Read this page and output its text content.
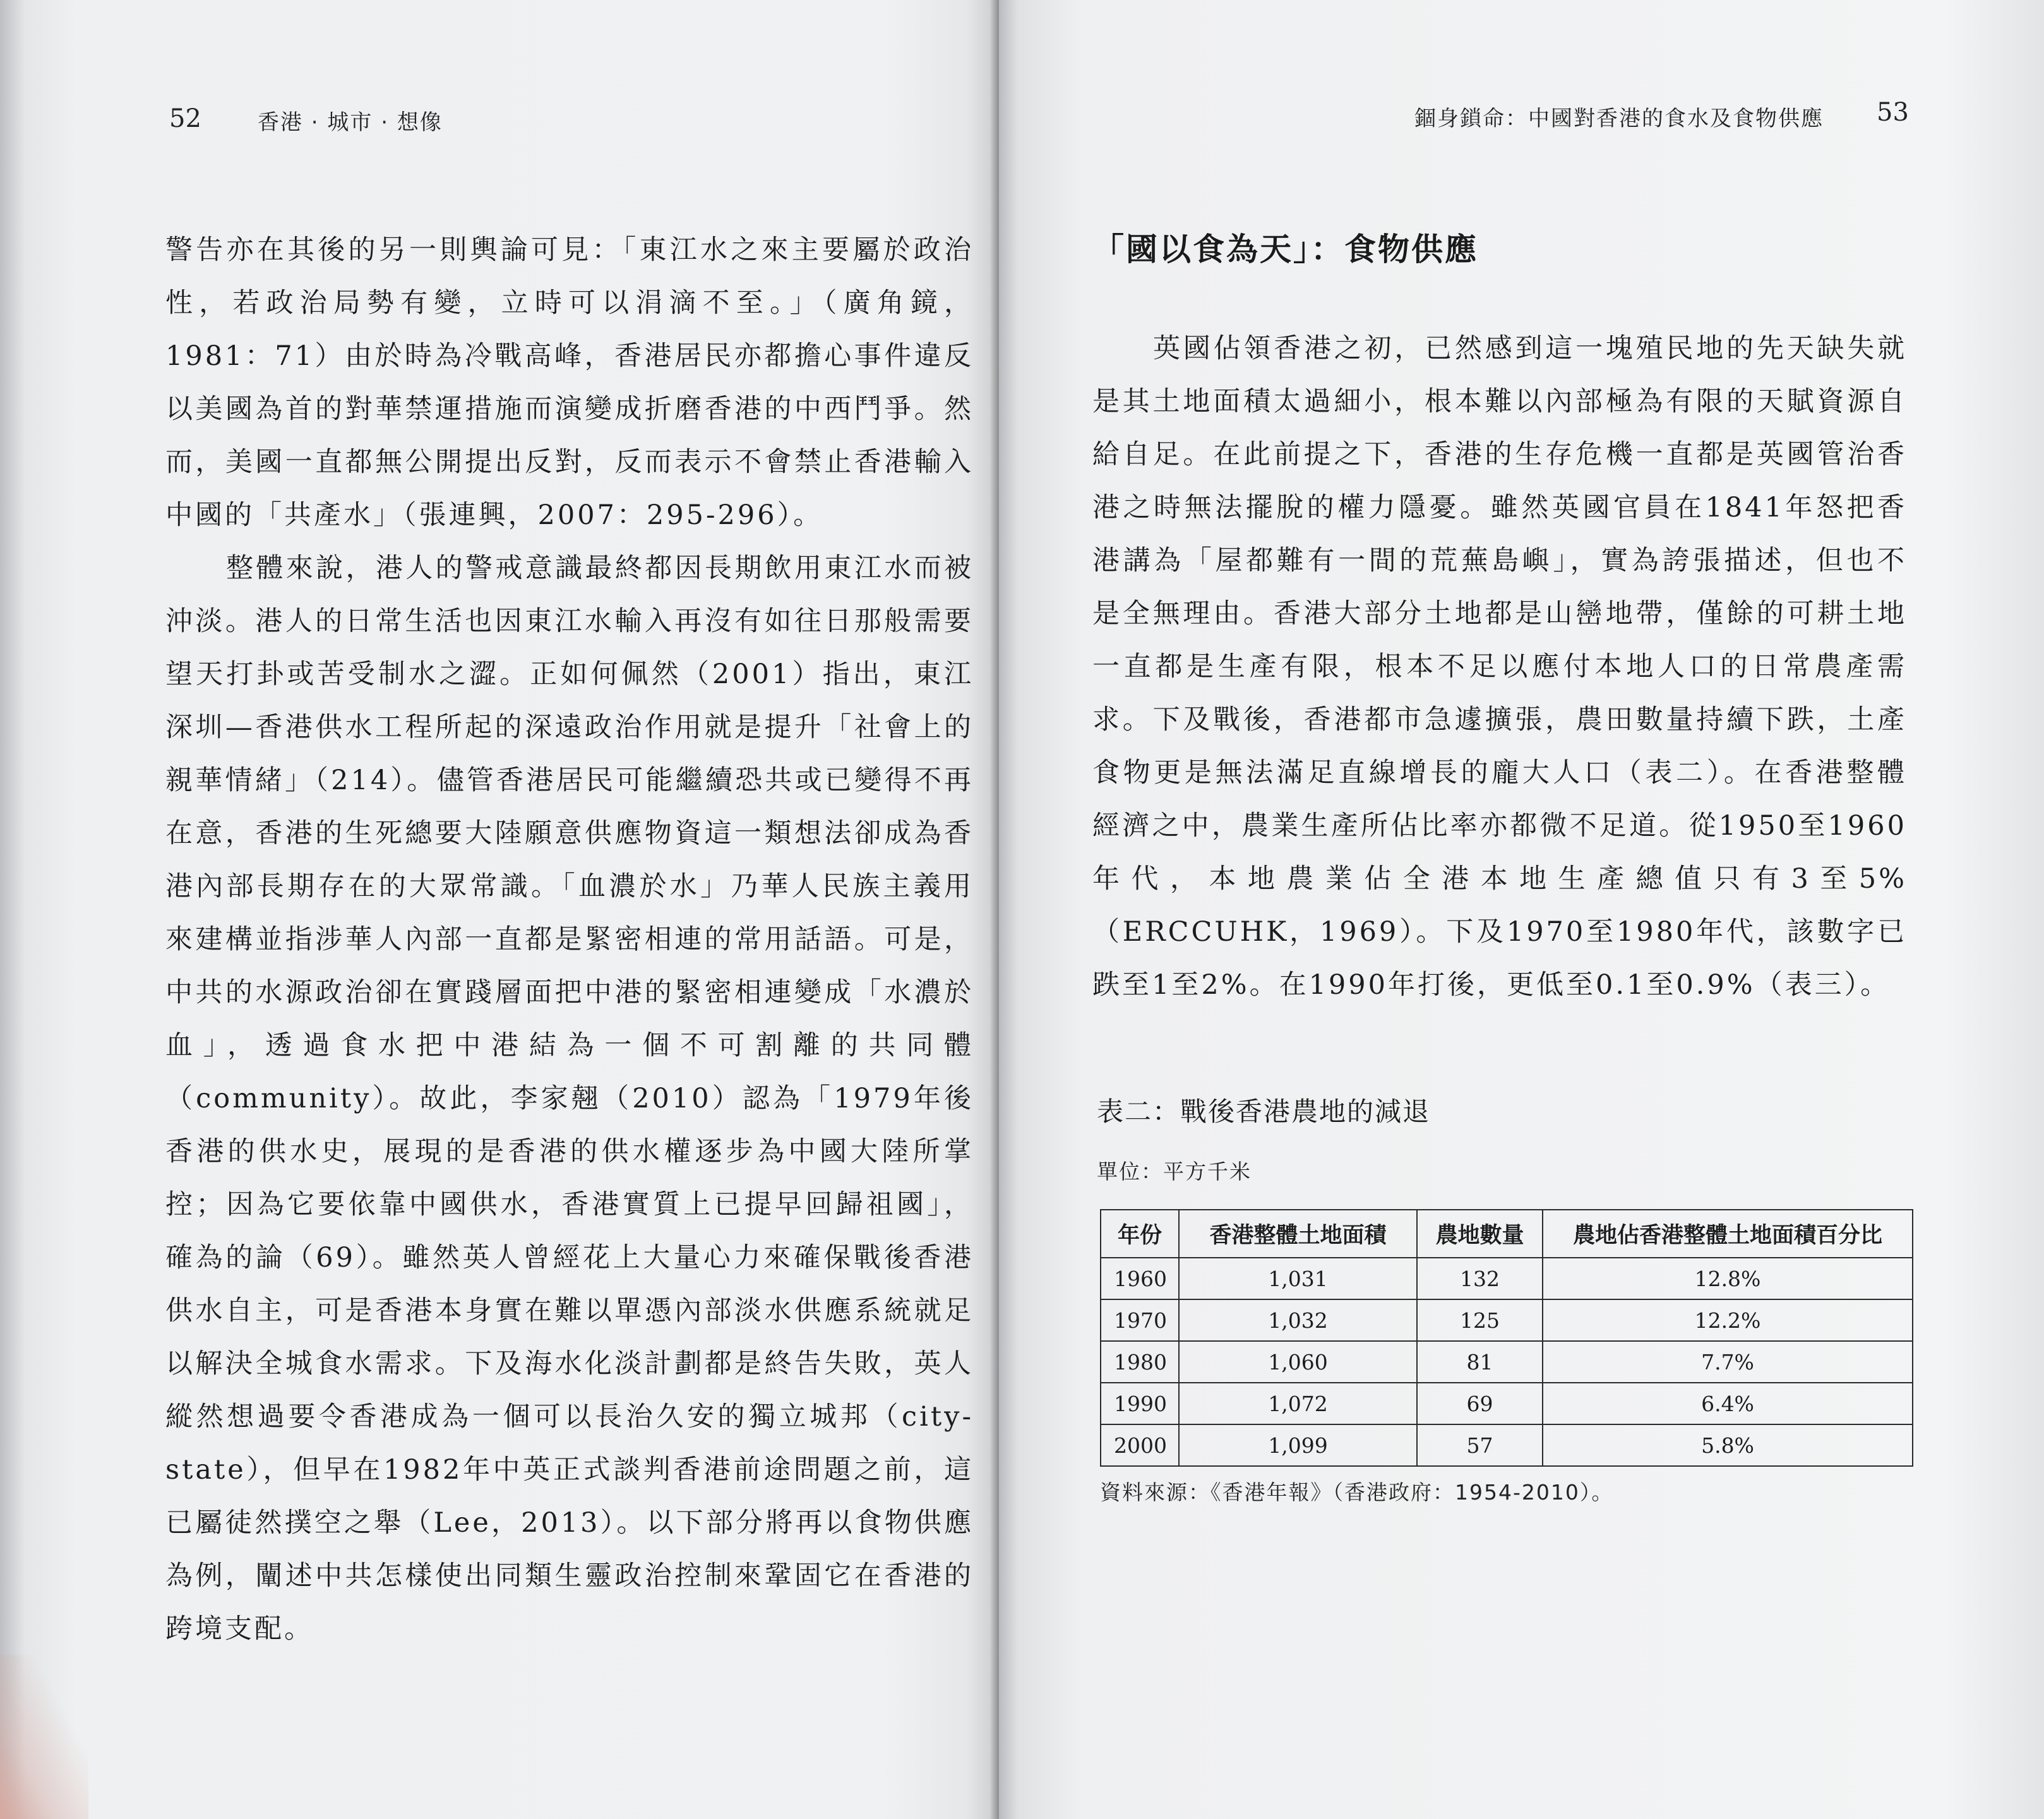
52	香港 · 城市 · 想像

警告亦在其後的另一則輿論可見：「東江水之來主要屬於政治性，若政治局勢有變，立時可以涓滴不至。」（廣角鏡，1981：71）由於時為冷戰高峰，香港居民亦都擔心事件違反以美國為首的對華禁運措施而演變成折磨香港的中西鬥爭。然而，美國一直都無公開提出反對，反而表示不會禁止香港輸入中國的「共產水」（張連興，2007：295-296）。

整體來說，港人的警戒意識最終都因長期飲用東江水而被沖淡。港人的日常生活也因東江水輸入再沒有如往日那般需要望天打卦或苦受制水之澀。正如何佩然（2001）指出，東江深圳—香港供水工程所起的深遠政治作用就是提升「社會上的親華情緒」（214）。儘管香港居民可能繼續恐共或已變得不再在意，香港的生死總要大陸願意供應物資這一類想法卻成為香港內部長期存在的大眾常識。「血濃於水」乃華人民族主義用來建構並指涉華人內部一直都是緊密相連的常用話語。可是，中共的水源政治卻在實踐層面把中港的緊密相連變成「水濃於血」，透過食水把中港結為一個不可割離的共同體（community）。故此，李家翹（2010）認為「1979年後香港的供水史，展現的是香港的供水權逐步為中國大陸所掌控；因為它要依靠中國供水，香港實質上已提早回歸祖國」，確為的論（69）。雖然英人曾經花上大量心力來確保戰後香港供水自主，可是香港本身實在難以單憑內部淡水供應系統就足以解決全城食水需求。下及海水化淡計劃都是終告失敗，英人縱然想過要令香港成為一個可以長治久安的獨立城邦（city-state），但早在1982年中英正式談判香港前途問題之前，這已屬徒然撲空之舉（Lee，2013）。以下部分將再以食物供應為例，闡述中共怎樣使出同類生靈政治控制來鞏固它在香港的跨境支配。

錮身鎖命：中國對香港的食水及食物供應 53
「國以食為天」：食物供應

英國佔領香港之初，已然感到這一塊殖民地的先天缺失就是其土地面積太過細小，根本難以內部極為有限的天賦資源自給自足。在此前提之下，香港的生存危機一直都是英國管治香港之時無法擺脫的權力隱憂。雖然英國官員在1841年怒把香港講為「屋都難有一間的荒蕪島嶼」，實為誇張描述，但也不是全無理由。香港大部分土地都是山巒地帶，僅餘的可耕土地一直都是生產有限，根本不足以應付本地人口的日常農產需求。下及戰後，香港都市急遽擴張，農田數量持續下跌，土產食物更是無法滿足直線增長的龐大人口（表二）。在香港整體經濟之中，農業生產所佔比率亦都微不足道。從1950至1960年代，本地農業佔全港本地生產總值只有3至5%（ERCCUHK，1969）。下及1970至1980年代，該數字已跌至1至2%。在1990年打後，更低至0.1至0.9%（表三）。

表二：戰後香港農地的減退
單位：平方千米
年份	香港整體土地面積	農地數量	農地佔香港整體土地面積百分比
1960	1,031	132	12.8%
1970	1,032	125	12.2%
1980	1,060	81	7.7%
1990	1,072	69	6.4%
2000	1,099	57	5.8%
資料來源：《香港年報》（香港政府：1954-2010）。
